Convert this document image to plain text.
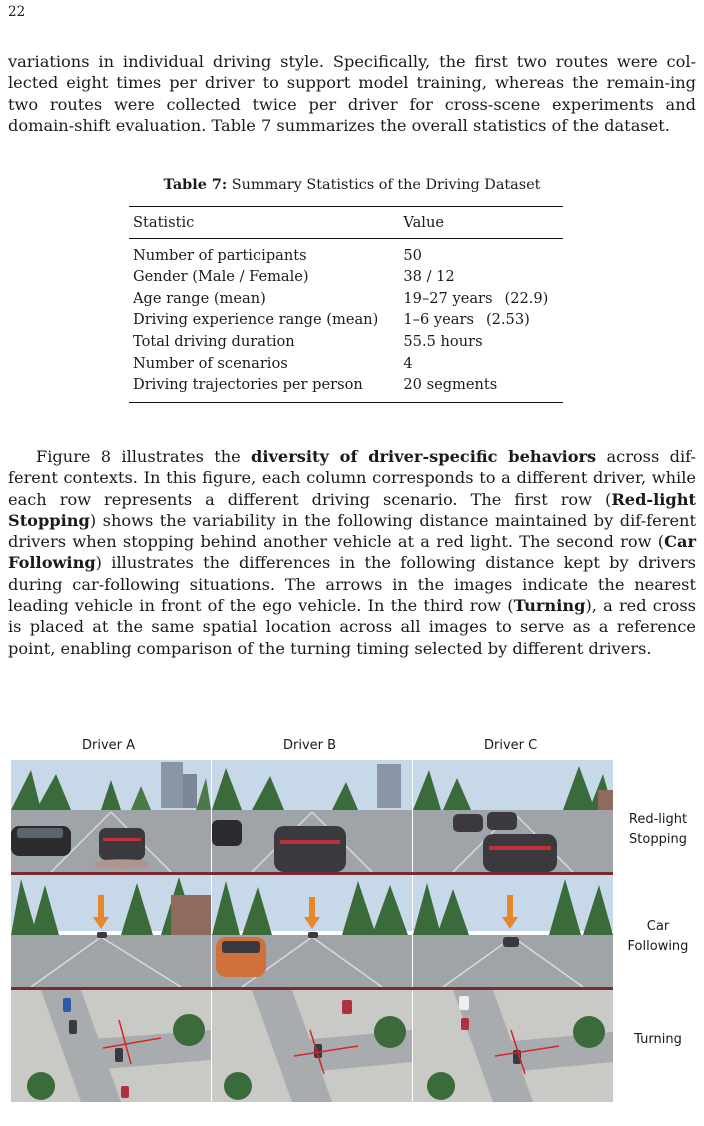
22

variations in individual driving style. Specifically, the first two routes were col-lected eight times per driver to support model training, whereas the remain-ing two routes were collected twice per driver for cross-scene experiments and domain-shift evaluation. Table 7 summarizes the overall statistics of the dataset.

Table 7: Summary Statistics of the Driving Dataset
Statistic	Value
Number of participants	50
Gender (Male / Female)	38 / 12
Age range (mean)	19–27 years (22.9)
Driving experience range (mean)	1–6 years (2.53)
Total driving duration	55.5 hours
Number of scenarios	4
Driving trajectories per person	20 segments

Figure 8 illustrates the diversity of driver-specific behaviors across dif-ferent contexts. In this figure, each column corresponds to a different driver, while each row represents a different driving scenario. The first row (Red-light Stopping) shows the variability in the following distance maintained by dif-ferent drivers when stopping behind another vehicle at a red light. The second row (Car Following) illustrates the differences in the following distance kept by drivers during car-following situations. The arrows in the images indicate the nearest leading vehicle in front of the ego vehicle. In the third row (Turning), a red cross is placed at the same spatial location across all images to serve as a reference point, enabling comparison of the turning timing selected by different drivers.

Driver A	Driver B	Driver C
Red-light
Stopping
Car
Following
Turning
